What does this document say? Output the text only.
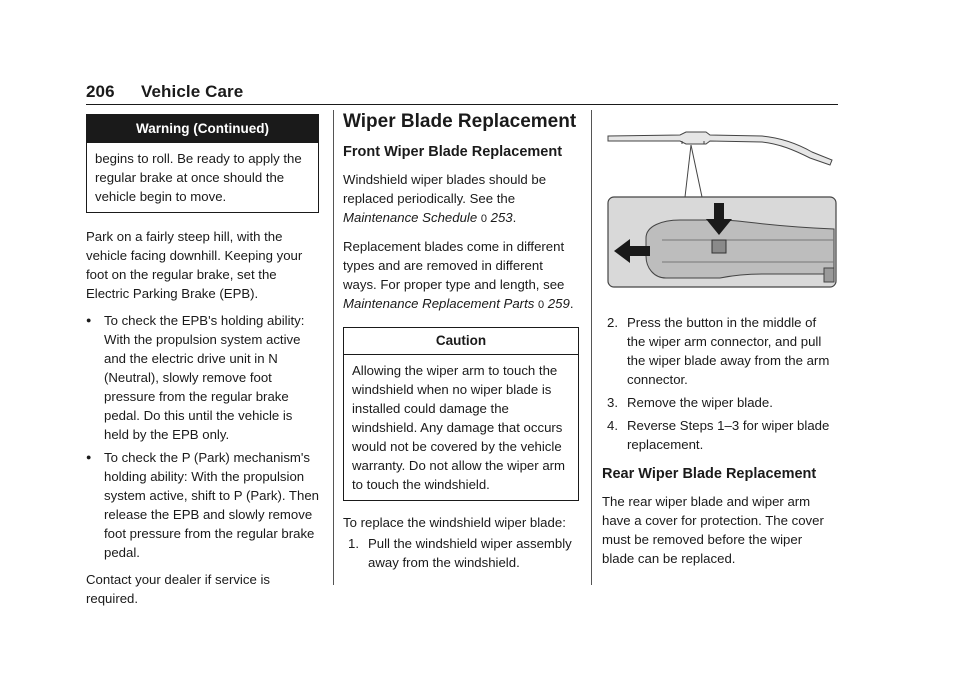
206 Vehicle Care
Warning (Continued)
begins to roll. Be ready to apply the regular brake at once should the vehicle begin to move.

Park on a fairly steep hill, with the vehicle facing downhill. Keeping your foot on the regular brake, set the Electric Parking Brake (EPB).

● To check the EPB's holding ability: With the propulsion system active and the electric drive unit in N (Neutral), slowly remove foot pressure from the regular brake pedal. Do this until the vehicle is held by the EPB only.
● To check the P (Park) mechanism's holding ability: With the propulsion system active, shift to P (Park). Then release the EPB and slowly remove foot pressure from the regular brake pedal.

Contact your dealer if service is required.

Wiper Blade Replacement
Front Wiper Blade Replacement

Windshield wiper blades should be replaced periodically. See the Maintenance Schedule 0 253.

Replacement blades come in different types and are removed in different ways. For proper type and length, see Maintenance Replacement Parts 0 259.

Caution
Allowing the wiper arm to touch the windshield when no wiper blade is installed could damage the windshield. Any damage that occurs would not be covered by the vehicle warranty. Do not allow the wiper arm to touch the windshield.

To replace the windshield wiper blade:

1. Pull the windshield wiper assembly away from the windshield.
2. Press the button in the middle of the wiper arm connector, and pull the wiper blade away from the arm connector.
3. Remove the wiper blade.
4. Reverse Steps 1–3 for wiper blade replacement.
Rear Wiper Blade Replacement

The rear wiper blade and wiper arm have a cover for protection. The cover must be removed before the wiper blade can be replaced.
